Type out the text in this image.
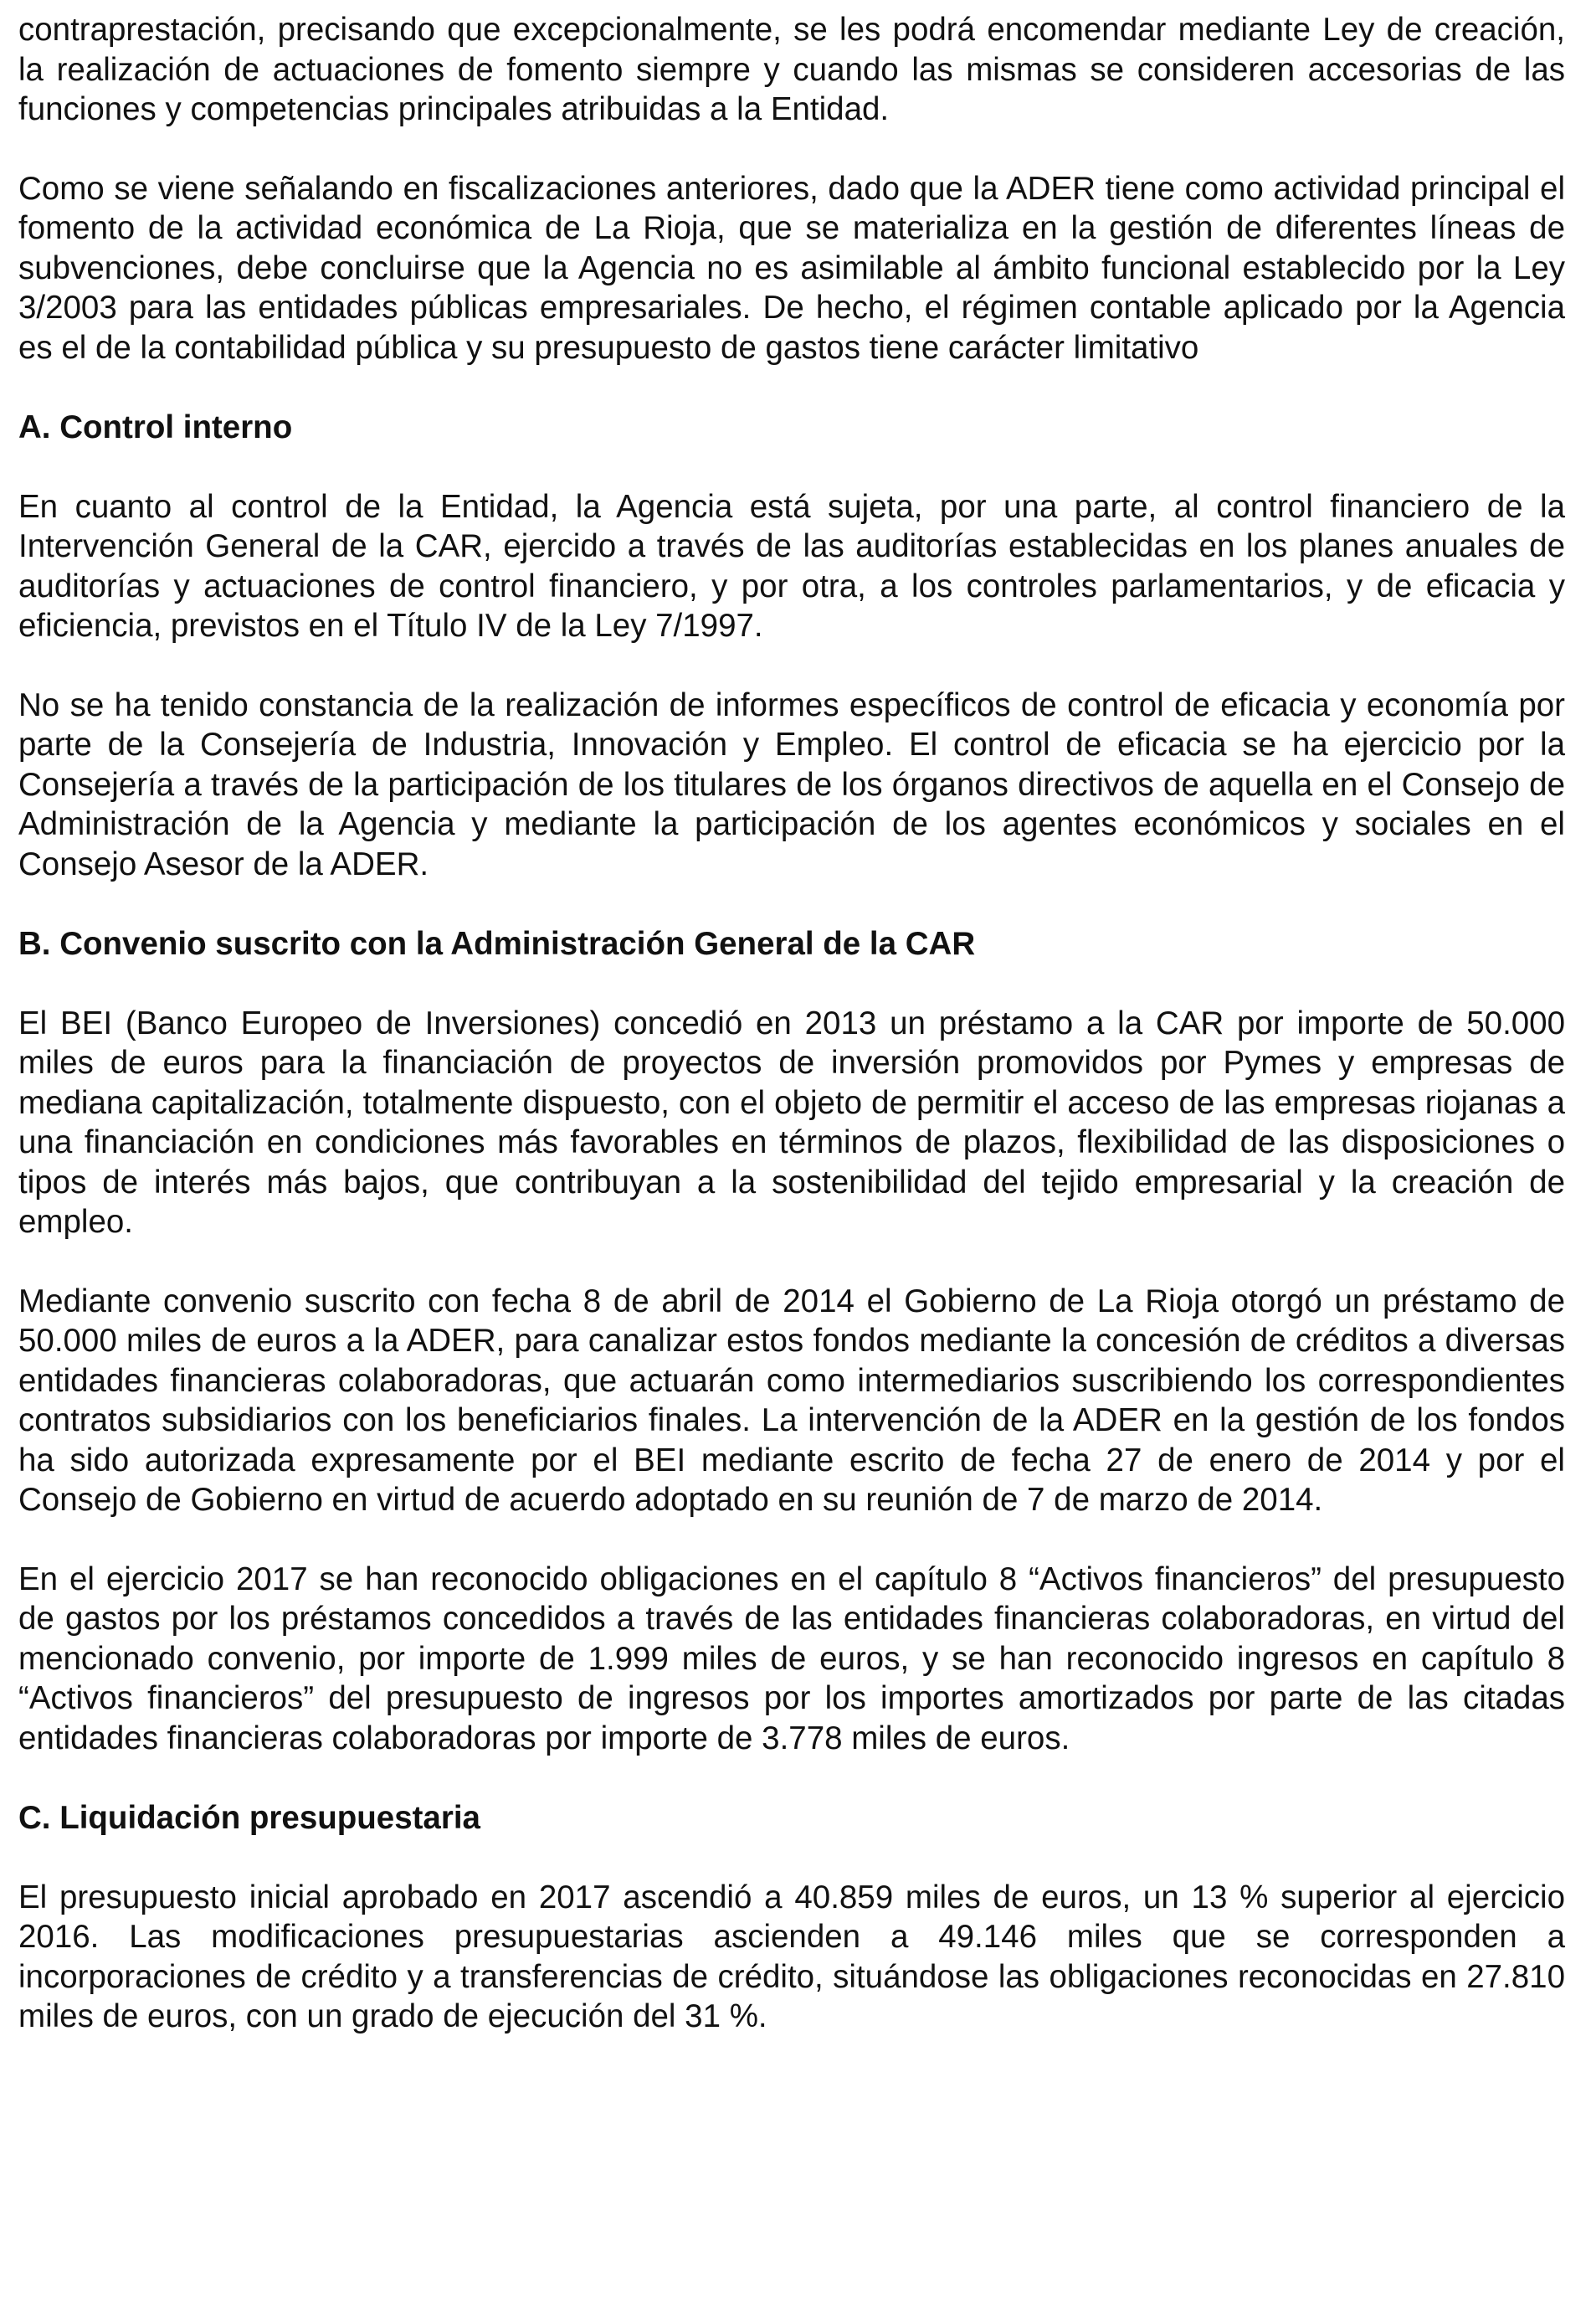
contraprestación, precisando que excepcionalmente, se les podrá encomendar mediante Ley de creación, la realización de actuaciones de fomento siempre y cuando las mismas se consideren accesorias de las funciones y competencias principales atribuidas a la Entidad.

Como se viene señalando en fiscalizaciones anteriores, dado que la ADER tiene como actividad principal el fomento de la actividad económica de La Rioja, que se materializa en la gestión de diferentes líneas de subvenciones, debe concluirse que la Agencia no es asimilable al ámbito funcional establecido por la Ley 3/2003 para las entidades públicas empresariales. De hecho, el régimen contable aplicado por la Agencia es el de la contabilidad pública y su presupuesto de gastos tiene carácter limitativo

A. Control interno

En cuanto al control de la Entidad, la Agencia está sujeta, por una parte, al control financiero de la Intervención General de la CAR, ejercido a través de las auditorías establecidas en los planes anuales de auditorías y actuaciones de control financiero, y por otra, a los controles parlamentarios, y de eficacia y eficiencia, previstos en el Título IV de la Ley 7/1997.

No se ha tenido constancia de la realización de informes específicos de control de eficacia y economía por parte de la Consejería de Industria, Innovación y Empleo. El control de eficacia se ha ejercicio por la Consejería a través de la participación de los titulares de los órganos directivos de aquella en el Consejo de Administración de la Agencia y mediante la participación de los agentes económicos y sociales en el Consejo Asesor de la ADER.

B. Convenio suscrito con la Administración General de la CAR

El BEI (Banco Europeo de Inversiones) concedió en 2013 un préstamo a la CAR por importe de 50.000 miles de euros para la financiación de proyectos de inversión promovidos por Pymes y empresas de mediana capitalización, totalmente dispuesto, con el objeto de permitir el acceso de las empresas riojanas a una financiación en condiciones más favorables en términos de plazos, flexibilidad de las disposiciones o tipos de interés más bajos, que contribuyan a la sostenibilidad del tejido empresarial y la creación de empleo.

Mediante convenio suscrito con fecha 8 de abril de 2014 el Gobierno de La Rioja otorgó un préstamo de 50.000 miles de euros a la ADER, para canalizar estos fondos mediante la concesión de créditos a diversas entidades financieras colaboradoras, que actuarán como intermediarios suscribiendo los correspondientes contratos subsidiarios con los beneficiarios finales. La intervención de la ADER en la gestión de los fondos ha sido autorizada expresamente por el BEI mediante escrito de fecha 27 de enero de 2014 y por el Consejo de Gobierno en virtud de acuerdo adoptado en su reunión de 7 de marzo de 2014.

En el ejercicio 2017 se han reconocido obligaciones en el capítulo 8 “Activos financieros” del presupuesto de gastos por los préstamos concedidos a través de las entidades financieras colaboradoras, en virtud del mencionado convenio, por importe de 1.999 miles de euros, y se han reconocido ingresos en capítulo 8 “Activos financieros” del presupuesto de ingresos por los importes amortizados por parte de las citadas entidades financieras colaboradoras por importe de 3.778 miles de euros.

C. Liquidación presupuestaria

El presupuesto inicial aprobado en 2017 ascendió a 40.859 miles de euros, un 13 % superior al ejercicio 2016. Las modificaciones presupuestarias ascienden a 49.146 miles que se corresponden a incorporaciones de crédito y a transferencias de crédito, situándose las obligaciones reconocidas en 27.810 miles de euros, con un grado de ejecución del 31 %.
